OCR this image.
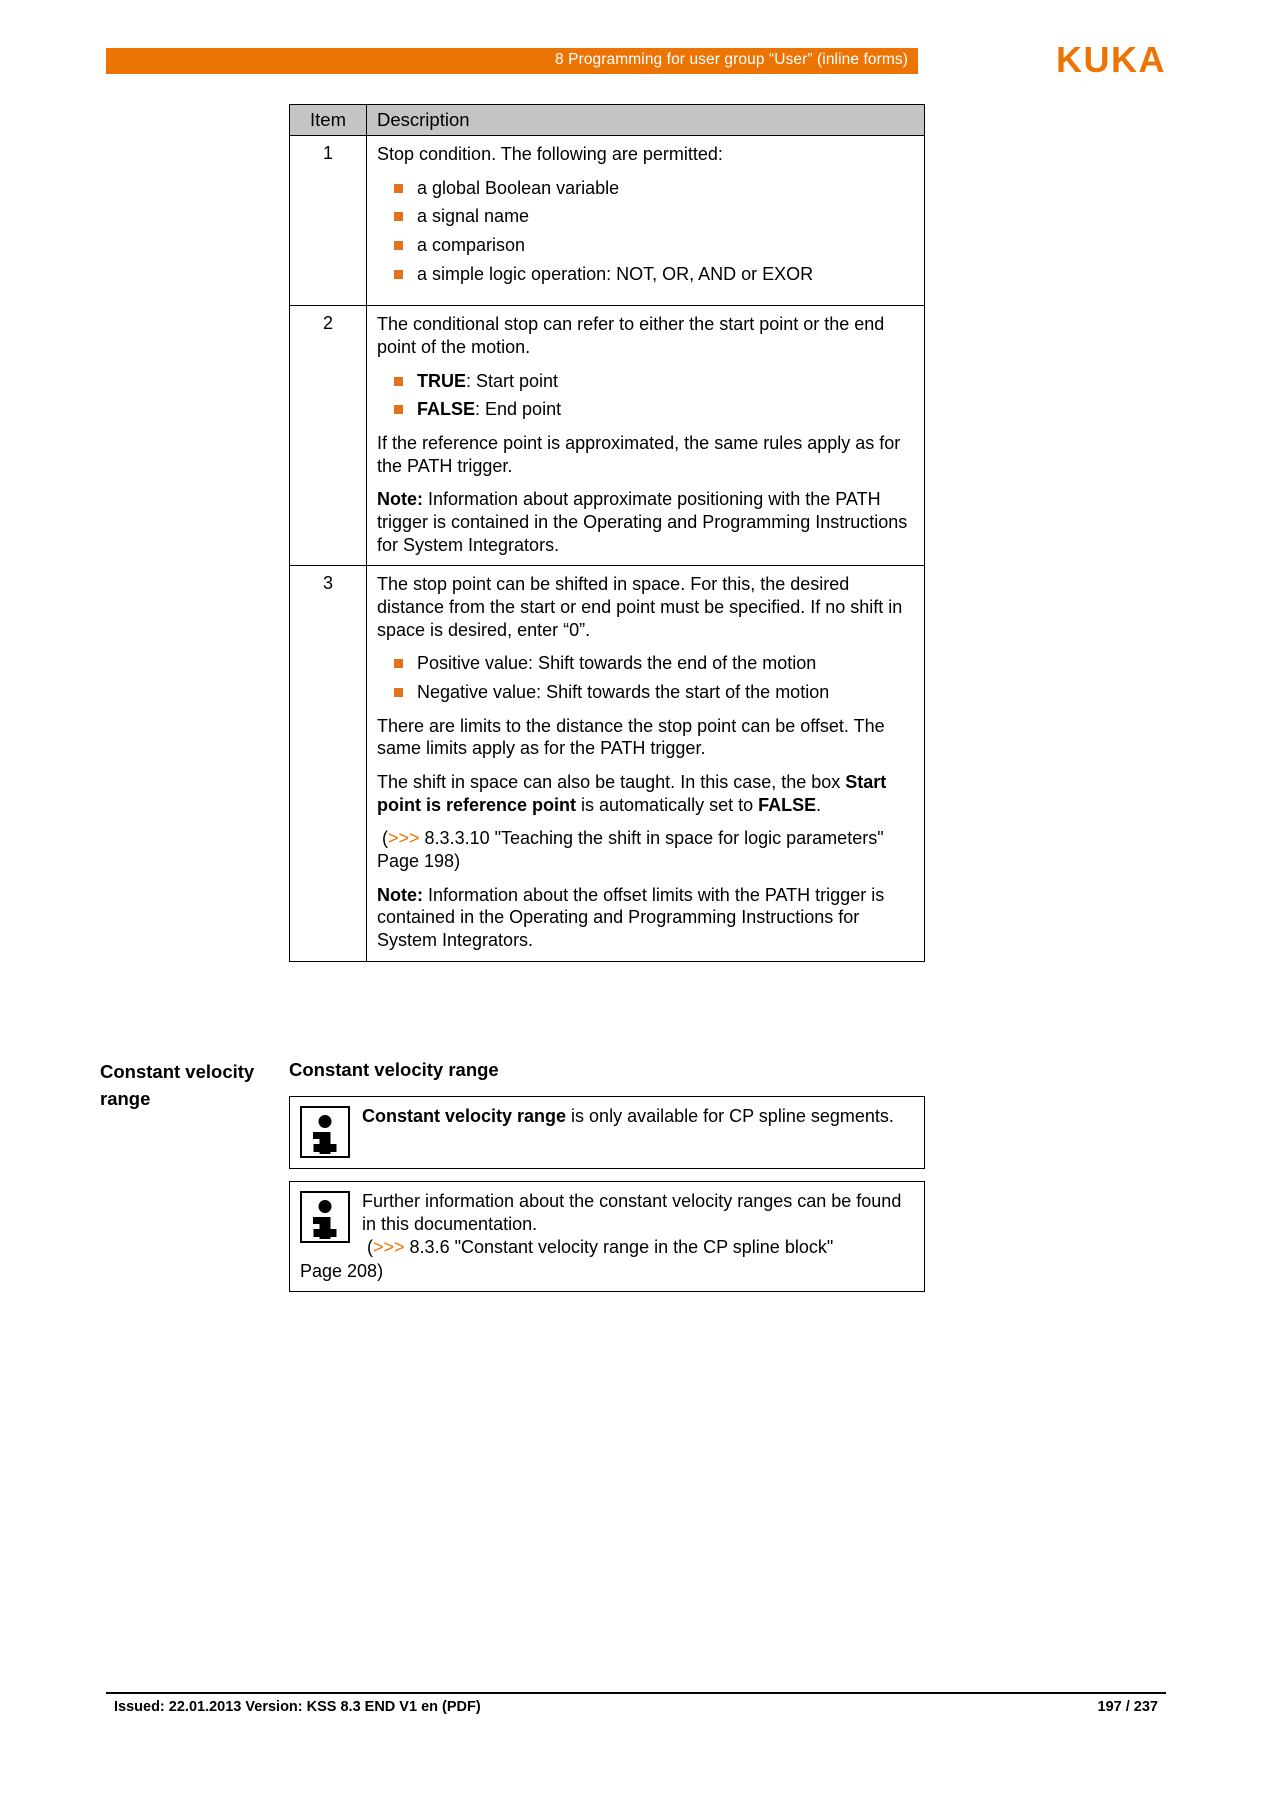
8 Programming for user group “User” (inline forms)	KUKA
Item	Description
1	Stop condition. The following are permitted:

a global Boolean variable
a signal name
a comparison
a simple logic operation: NOT, OR, AND or EXOR

2	The conditional stop can refer to either the start point or the end point of the motion.

TRUE: Start point
FALSE: End point

If the reference point is approximated, the same rules apply as for the PATH trigger.

Note: Information about approximate positioning with the PATH trigger is contained in the Operating and Programming Instructions for System Integrators.

3	The stop point can be shifted in space. For this, the desired distance from the start or end point must be specified. If no shift in space is desired, enter “0”.

Positive value: Shift towards the end of the motion
Negative value: Shift towards the start of the motion

There are limits to the distance the stop point can be offset. The same limits apply as for the PATH trigger.

The shift in space can also be taught. In this case, the box Start point is reference point is automatically set to FALSE.

(>>> 8.3.3.10 "Teaching the shift in space for logic parameters" Page 198)

Note: Information about the offset limits with the PATH trigger is contained in the Operating and Programming Instructions for System Integrators.

Constant velocity range
Constant velocity range

Constant velocity range is only available for CP spline segments.

Further information about the constant velocity ranges can be found in this documentation.

(>>> 8.3.6 "Constant velocity range in the CP spline block"

Page 208)

Issued: 22.01.2013 Version: KSS 8.3 END V1 en (PDF)	197 / 237
